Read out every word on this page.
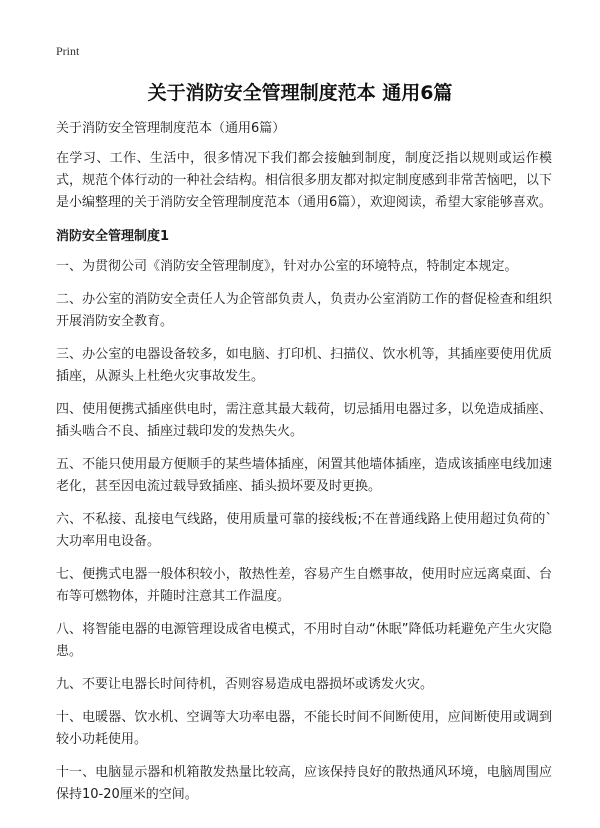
Print
关于消防安全管理制度范本 通用6篇

关于消防安全管理制度范本（通用6篇）

在学习、工作、生活中，很多情况下我们都会接触到制度，制度泛指以规则或运作模式，规范个体行动的一种社会结构。相信很多朋友都对拟定制度感到非常苦恼吧，以下是小编整理的关于消防安全管理制度范本（通用6篇），欢迎阅读，希望大家能够喜欢。

消防安全管理制度1

一、为贯彻公司《消防安全管理制度》，针对办公室的环境特点，特制定本规定。

二、办公室的消防安全责任人为企管部负责人，负责办公室消防工作的督促检查和组织开展消防安全教育。

三、办公室的电器设备较多，如电脑、打印机、扫描仪、饮水机等，其插座要使用优质插座，从源头上杜绝火灾事故发生。

四、使用便携式插座供电时，需注意其最大载荷，切忌插用电器过多，以免造成插座、插头啮合不良、插座过载印发的发热失火。

五、不能只使用最方便顺手的某些墙体插座，闲置其他墙体插座，造成该插座电线加速老化，甚至因电流过载导致插座、插头损坏要及时更换。

六、不私接、乱接电气线路，使用质量可靠的接线板;不在普通线路上使用超过负荷的`大功率用电设备。

七、便携式电器一般体积较小，散热性差，容易产生自燃事故，使用时应远离桌面、台布等可燃物体，并随时注意其工作温度。

八、将智能电器的电源管理设成省电模式，不用时自动“休眠”降低功耗避免产生火灾隐患。

九、不要让电器长时间待机，否则容易造成电器损坏或诱发火灾。

十、电暖器、饮水机、空调等大功率电器，不能长时间不间断使用，应间断使用或调到较小功耗使用。

十一、电脑显示器和机箱散发热量比较高，应该保持良好的散热通风环境，电脑周围应保持10-20厘米的空间。
